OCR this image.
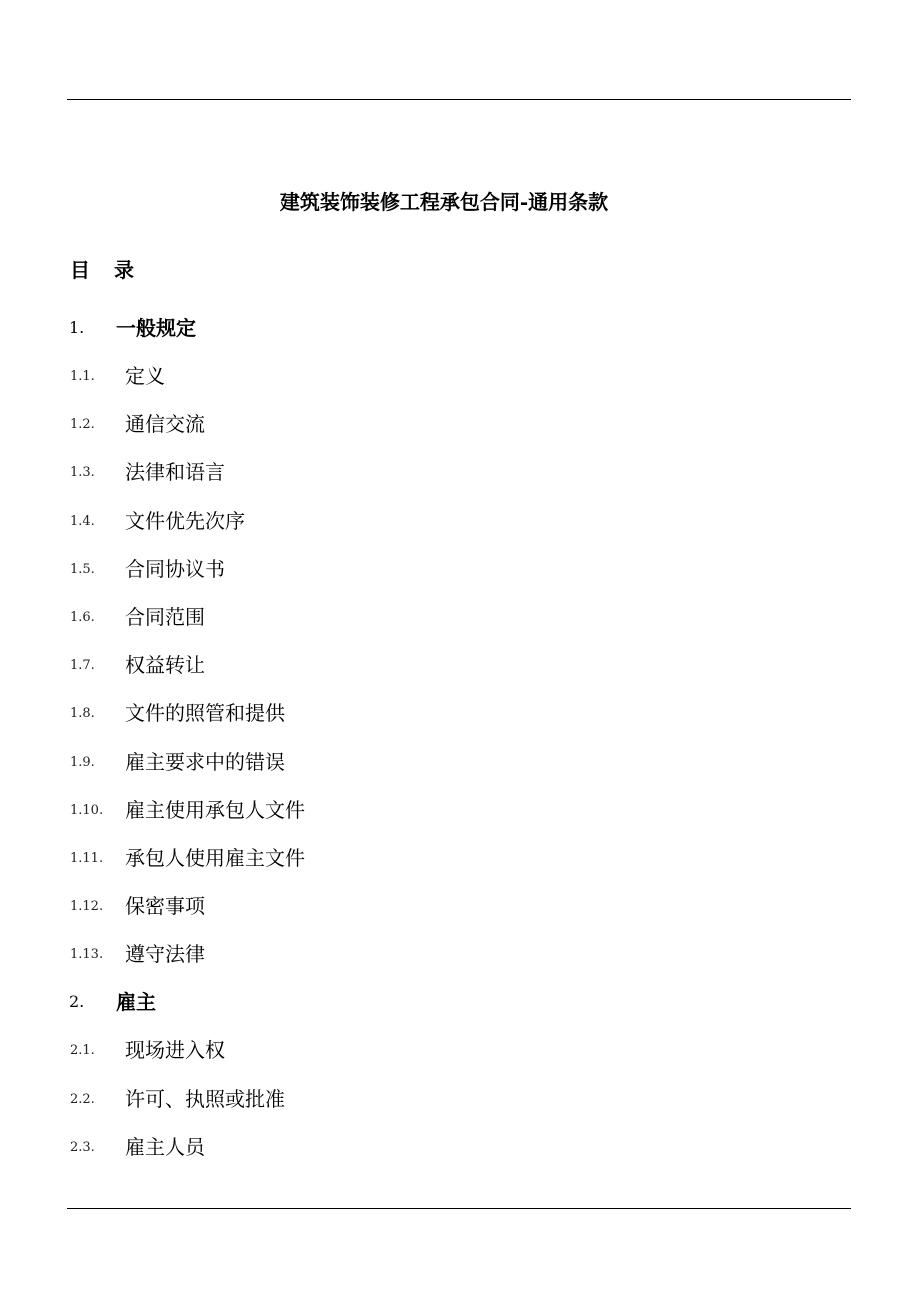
建筑装饰装修工程承包合同-通用条款
目 录
1. 一般规定
1.1. 定义
1.2. 通信交流
1.3. 法律和语言
1.4. 文件优先次序
1.5. 合同协议书
1.6. 合同范围
1.7. 权益转让
1.8. 文件的照管和提供
1.9. 雇主要求中的错误
1.10. 雇主使用承包人文件
1.11. 承包人使用雇主文件
1.12. 保密事项
1.13. 遵守法律
2. 雇主
2.1. 现场进入权
2.2. 许可、执照或批准
2.3. 雇主人员
